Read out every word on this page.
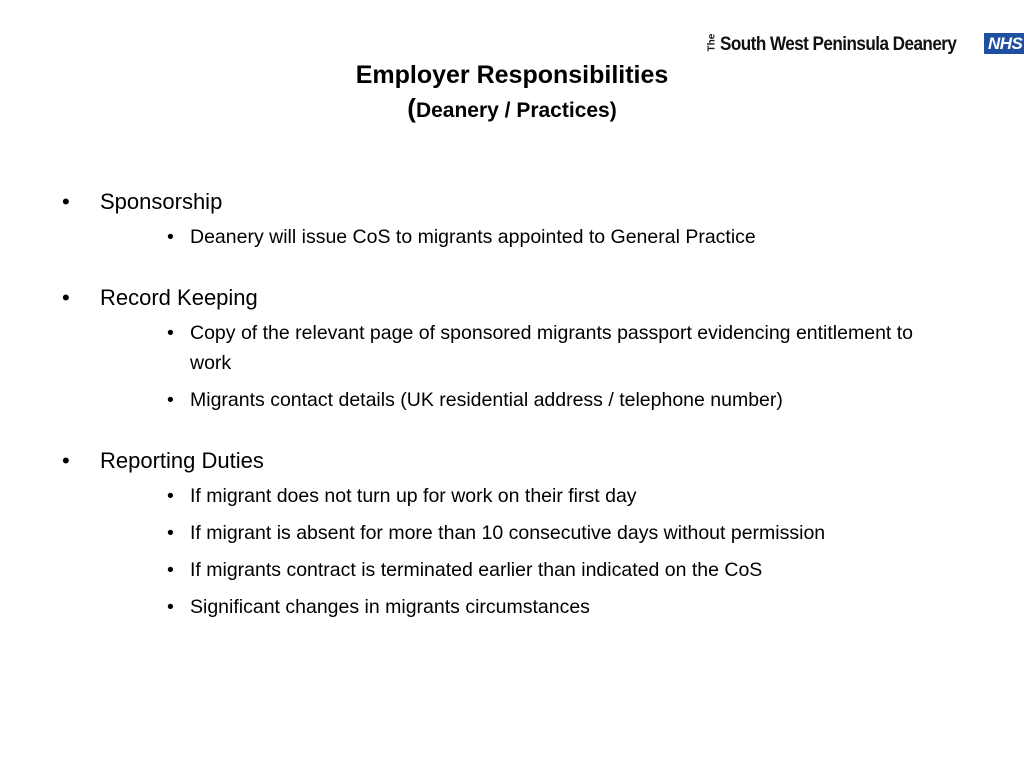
The South West Peninsula Deanery NHS
Employer Responsibilities
(Deanery / Practices)
• Sponsorship
• Deanery will issue CoS to migrants appointed to General Practice
• Record Keeping
• Copy of the relevant page of sponsored migrants passport evidencing entitlement to work
• Migrants contact details (UK residential address / telephone number)
• Reporting Duties
• If migrant does not turn up for work on their first day
• If migrant is absent for more than 10 consecutive days without permission
• If migrants contract is terminated earlier than indicated on the CoS
• Significant changes in migrants circumstances
